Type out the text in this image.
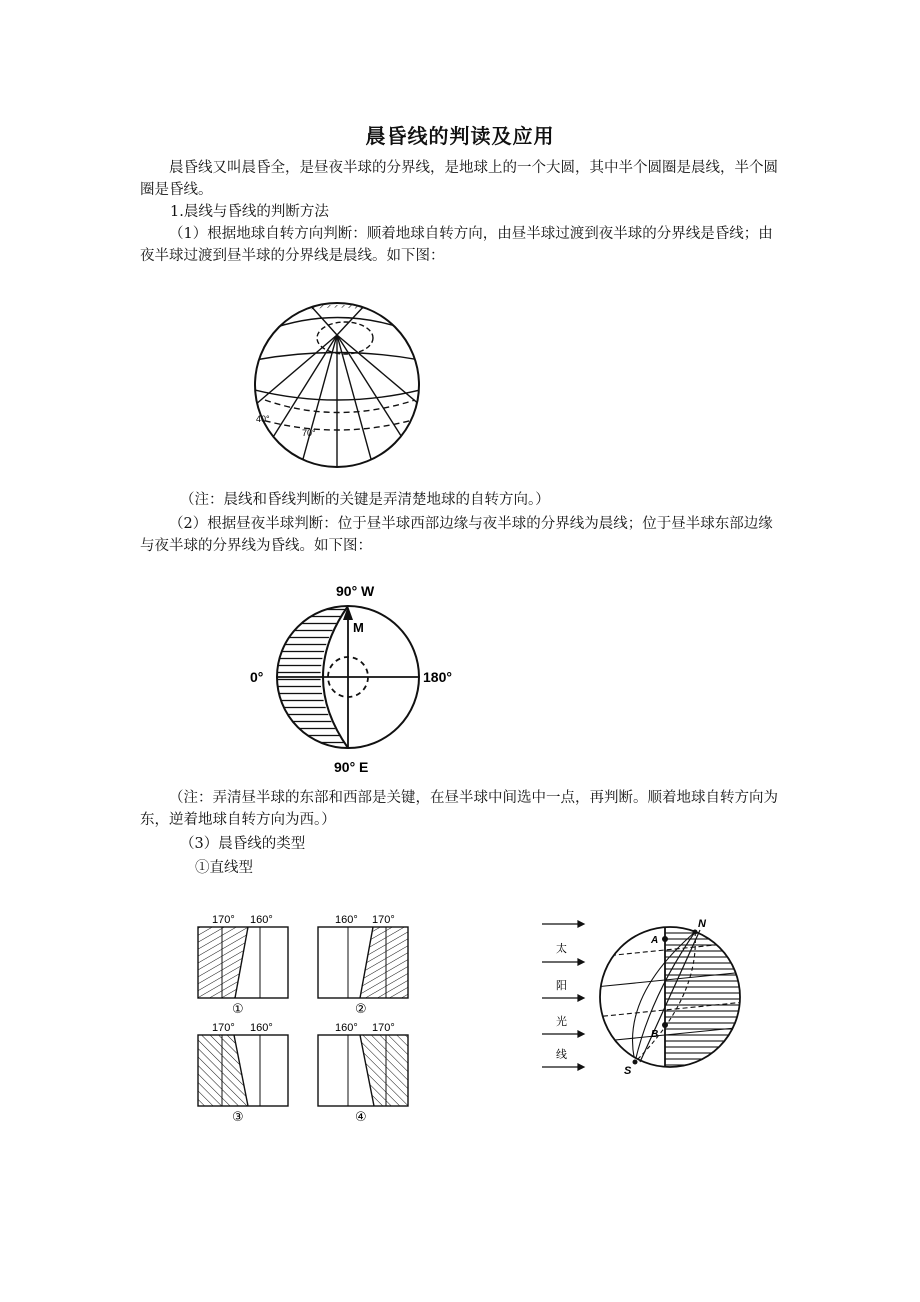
晨昏线的判读及应用

晨昏线又叫晨昏全，是昼夜半球的分界线，是地球上的一个大圆，其中半个圆圈是晨线，半个圆圈是昏线。

1.晨线与昏线的判断方法

（1）根据地球自转方向判断：顺着地球自转方向，由昼半球过渡到夜半球的分界线是昏线；由夜半球过渡到昼半球的分界线是晨线。如下图：

40°
70°

（注：晨线和昏线判断的关键是弄清楚地球的自转方向。）

（2）根据昼夜半球判断：位于昼半球西部边缘与夜半球的分界线为晨线；位于昼半球东部边缘与夜半球的分界线为昏线。如下图：

90° W
90° E
0°	180°
M

（注：弄清昼半球的东部和西部是关键，在昼半球中间选中一点，再判断。顺着地球自转方向为东，逆着地球自转方向为西。）

（3）晨昏线的类型

①直线型

170° 160°
①
160° 170°
②
170° 160°
③
160° 170°
④
太
阳
光
线
N
S
A
B
